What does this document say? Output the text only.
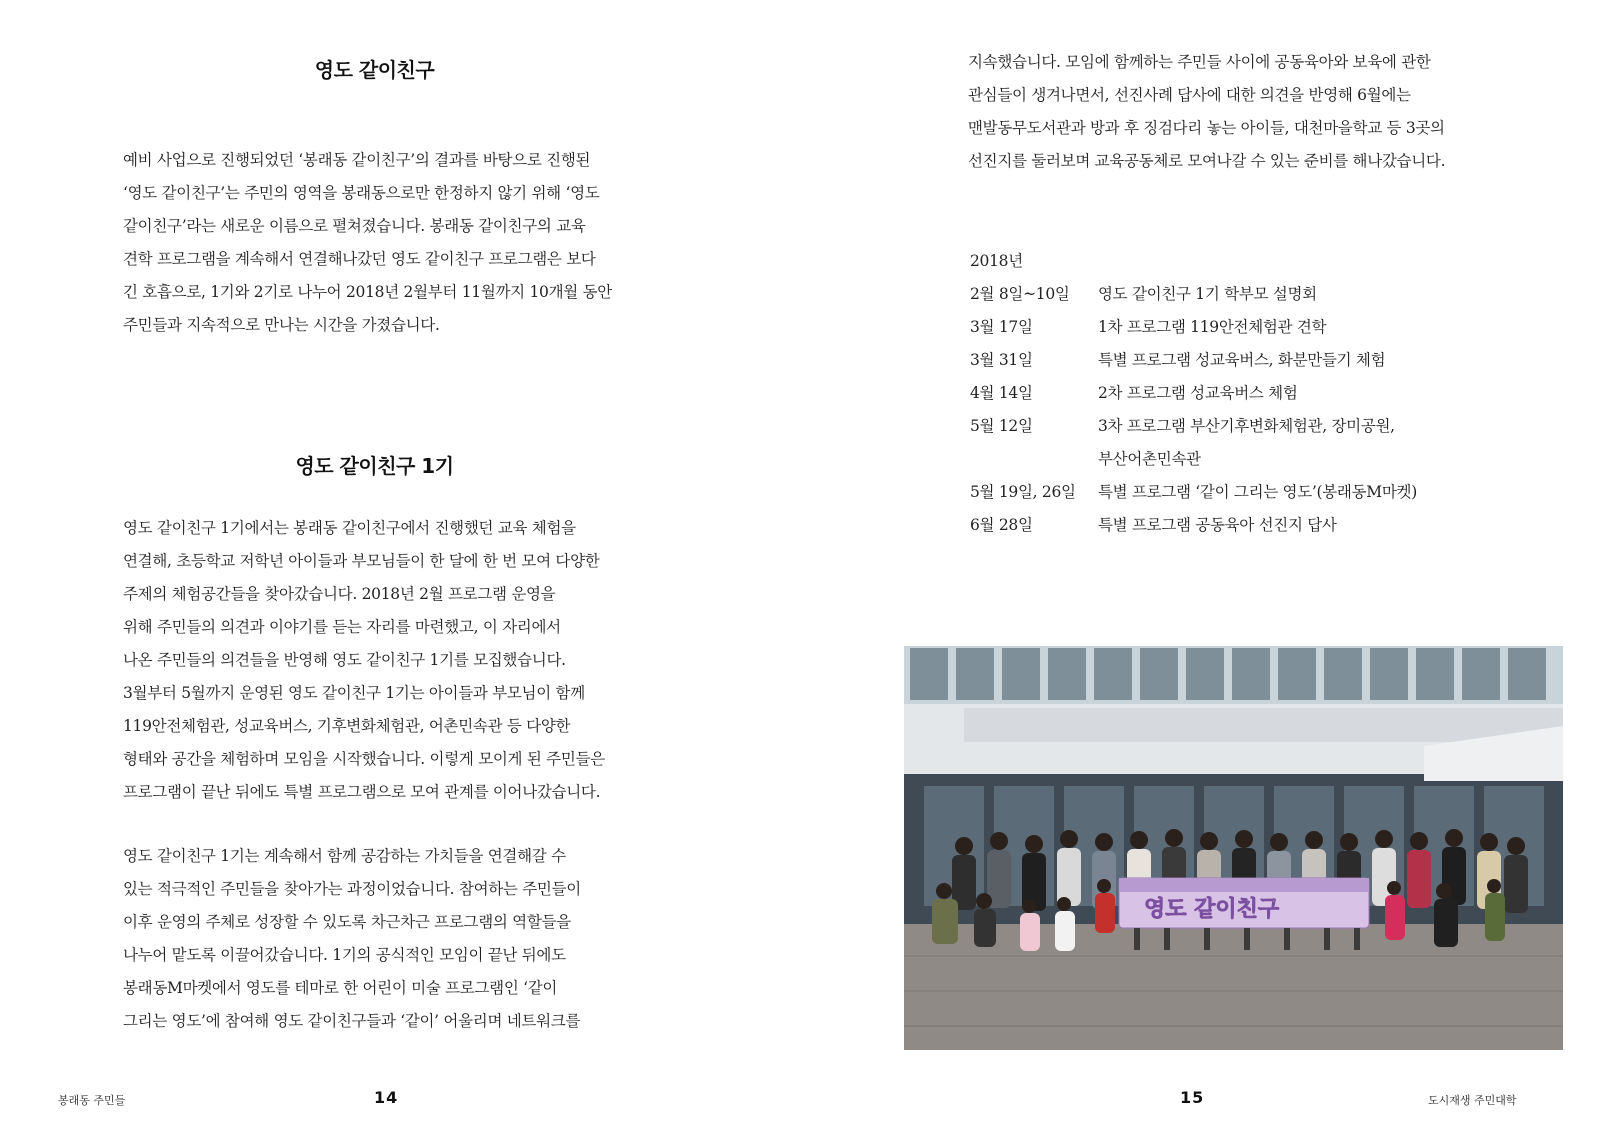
영도 같이친구
예비 사업으로 진행되었던 ‘봉래동 같이친구’의 결과를 바탕으로 진행된
‘영도 같이친구’는 주민의 영역을 봉래동으로만 한정하지 않기 위해 ‘영도
같이친구’라는 새로운 이름으로 펼쳐졌습니다. 봉래동 같이친구의 교육
견학 프로그램을 계속해서 연결해나갔던 영도 같이친구 프로그램은 보다
긴 호흡으로, 1기와 2기로 나누어 2018년 2월부터 11월까지 10개월 동안
주민들과 지속적으로 만나는 시간을 가졌습니다.
영도 같이친구 1기
영도 같이친구 1기에서는 봉래동 같이친구에서 진행했던 교육 체험을
연결해, 초등학교 저학년 아이들과 부모님들이 한 달에 한 번 모여 다양한
주제의 체험공간들을 찾아갔습니다. 2018년 2월 프로그램 운영을
위해 주민들의 의견과 이야기를 듣는 자리를 마련했고, 이 자리에서
나온 주민들의 의견들을 반영해 영도 같이친구 1기를 모집했습니다.
3월부터 5월까지 운영된 영도 같이친구 1기는 아이들과 부모님이 함께
119안전체험관, 성교육버스, 기후변화체험관, 어촌민속관 등 다양한
형태와 공간을 체험하며 모임을 시작했습니다. 이렇게 모이게 된 주민들은
프로그램이 끝난 뒤에도 특별 프로그램으로 모여 관계를 이어나갔습니다.
영도 같이친구 1기는 계속해서 함께 공감하는 가치들을 연결해갈 수
있는 적극적인 주민들을 찾아가는 과정이었습니다. 참여하는 주민들이
이후 운영의 주체로 성장할 수 있도록 차근차근 프로그램의 역할들을
나누어 맡도록 이끌어갔습니다. 1기의 공식적인 모임이 끝난 뒤에도
봉래동M마켓에서 영도를 테마로 한 어린이 미술 프로그램인 ‘같이
그리는 영도’에 참여해 영도 같이친구들과 ‘같이’ 어울리며 네트워크를
봉래동 주민들	14
지속했습니다. 모임에 함께하는 주민들 사이에 공동육아와 보육에 관한
관심들이 생겨나면서, 선진사례 답사에 대한 의견을 반영해 6월에는
맨발동무도서관과 방과 후 징검다리 놓는 아이들, 대천마을학교 등 3곳의
선진지를 둘러보며 교육공동체로 모여나갈 수 있는 준비를 해나갔습니다.
2018년
2월 8일~10일	영도 같이친구 1기 학부모 설명회
3월 17일	1차 프로그램 119안전체험관 견학
3월 31일	특별 프로그램 성교육버스, 화분만들기 체험
4월 14일	2차 프로그램 성교육버스 체험
5월 12일	3차 프로그램 부산기후변화체험관, 장미공원,
부산어촌민속관
5월 19일, 26일	특별 프로그램 ‘같이 그리는 영도’(봉래동M마켓)
6월 28일	특별 프로그램 공동육아 선진지 답사
영도 같이친구
15	도시재생 주민대학
